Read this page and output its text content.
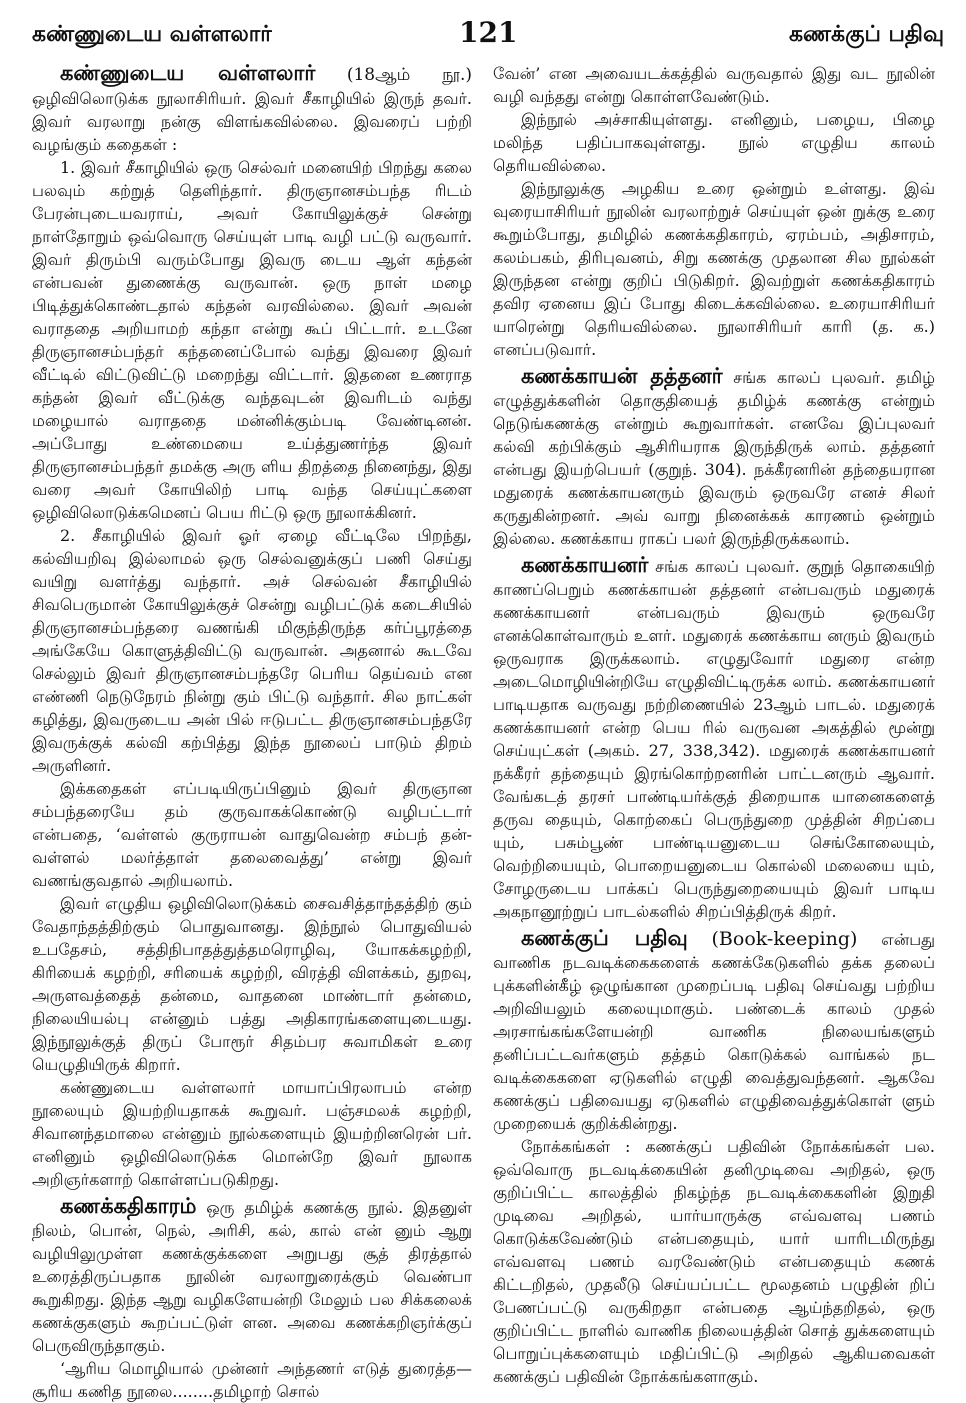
கண்ணுடைய வள்ளலார்	121	கணக்குப் பதிவு

கண்ணுடைய வள்ளலார் (18ஆம் நூ.) ஒழிவிலொடுக்க நூலாசிரியர். இவர் சீகாழியில் இருந் தவர். இவர் வரலாறு நன்கு விளங்கவில்லை. இவரைப் பற்றி வழங்கும் கதைகள் :

1. இவர் சீகாழியில் ஒரு செல்வர் மனையிற் பிறந்து கலை பலவும் கற்றுத் தெளிந்தார். திருஞானசம்பந்த ரிடம் பேரன்புடையவராய், அவர் கோயிலுக்குச் சென்று நாள்தோறும் ஒவ்வொரு செய்யுள் பாடி வழி பட்டு வருவார். இவர் திரும்பி வரும்போது இவரு டைய ஆள் கந்தன் என்பவன் துணைக்கு வருவான். ஒரு நாள் மழை பிடித்துக்கொண்டதால் கந்தன் வரவில்லை. இவர் அவன் வராததை அறியாமற் கந்தா என்று கூப் பிட்டார். உடனே திருஞானசம்பந்தர் கந்தனைப்போல் வந்து இவரை இவர் வீட்டில் விட்டுவிட்டு மறைந்து விட்டார். இதனை உணராத கந்தன் இவர் வீட்டுக்கு வந்தவுடன் இவரிடம் வந்து மழையால் வராததை மன்னிக்கும்படி வேண்டினன். அப்போது உண்மையை உய்த்துணர்ந்த இவர் திருஞானசம்பந்தர் தமக்கு அரு ளிய திறத்தை நினைந்து, இது வரை அவர் கோயிலிற் பாடி வந்த செய்யுட்களை ஒழிவிலொடுக்கமெனப் பெய ரிட்டு ஒரு நூலாக்கினர்.

2. சீகாழியில் இவர் ஓர் ஏழை வீட்டிலே பிறந்து, கல்வியறிவு இல்லாமல் ஒரு செல்வனுக்குப் பணி செய்து வயிறு வளர்த்து வந்தார். அச் செல்வன் சீகாழியில் சிவபெருமான் கோயிலுக்குச் சென்று வழிபட்டுக் கடைசியில் திருஞானசம்பந்தரை வணங்கி மிகுந்திருந்த கர்ப்பூரத்தை அங்கேயே கொளுத்திவிட்டு வருவான். அதனால் கூடவே செல்லும் இவர் திருஞானசம்பந்தரே பெரிய தெய்வம் என எண்ணி நெடுநேரம் நின்று கும் பிட்டு வந்தார். சில நாட்கள் கழித்து, இவருடைய அன் பில் ஈடுபட்ட திருஞானசம்பந்தரே இவருக்குக் கல்வி கற்பித்து இந்த நூலைப் பாடும் திறம் அருளினர்.

இக்கதைகள் எப்படியிருப்பினும் இவர் திருஞான சம்பந்தரையே தம் குருவாகக்கொண்டு வழிபட்டார் என்பதை, ‘வள்ளல் குருராயன் வாதுவென்ற சம்பந் தன்-வள்ளல் மலர்த்தாள் தலைவைத்து’ என்று இவர் வணங்குவதால் அறியலாம்.

இவர் எழுதிய ஒழிவிலொடுக்கம் சைவசித்தாந்தத்திற் கும் வேதாந்தத்திற்கும் பொதுவானது. இந்நூல் பொதுவியல் உபதேசம், சத்திநிபாதத்துத்தமரொழிவு, யோகக்கழற்றி, கிரியைக் கழற்றி, சரியைக் கழற்றி, விரத்தி விளக்கம், துறவு, அருளவத்தைத் தன்மை, வாதனை மாண்டார் தன்மை, நிலையியல்பு என்னும் பத்து அதிகாரங்களையுடையது. இந்நூலுக்குத் திருப் போரூர் சிதம்பர சுவாமிகள் உரை யெழுதியிருக் கிறார்.

கண்ணுடைய வள்ளலார் மாயாப்பிரலாபம் என்ற நூலையும் இயற்றியதாகக் கூறுவர். பஞ்சமலக் கழற்றி, சிவானந்தமாலை என்னும் நூல்களையும் இயற்றினரென் பர். எனினும் ஒழிவிலொடுக்க மொன்றே இவர் நூலாக அறிஞர்களாற் கொள்ளப்படுகிறது.

கணக்கதிகாரம் ஒரு தமிழ்க் கணக்கு நூல். இதனுள் நிலம், பொன், நெல், அரிசி, கல், கால் என் னும் ஆறு வழியிலுமுள்ள கணக்குக்களை அறுபது சூத் திரத்தால் உரைத்திருப்பதாக நூலின் வரலாறுரைக்கும் வெண்பா கூறுகிறது. இந்த ஆறு வழிகளேயன்றி மேலும் பல சிக்கலைக் கணக்குகளும் கூறப்பட்டுள் ளன. அவை கணக்கறிஞர்க்குப் பெருவிருந்தாகும்.

‘ஆரிய மொழியால் முன்னர் அந்தணர் எடுத் துரைத்த—சூரிய கணித நூலை........தமிழாற் சொல்

வேன்’ என அவையடக்கத்தில் வருவதால் இது வட நூலின் வழி வந்தது என்று கொள்ளவேண்டும்.

இந்நூல் அச்சாகியுள்ளது. எனினும், பழைய, பிழை மலிந்த பதிப்பாகவுள்ளது. நூல் எழுதிய காலம் தெரியவில்லை.

இந்நூலுக்கு அழகிய உரை ஒன்றும் உள்ளது. இவ் வுரையாசிரியர் நூலின் வரலாற்றுச் செய்யுள் ஒன் றுக்கு உரை கூறும்போது, தமிழில் கணக்கதிகாரம், ஏரம்பம், அதிசாரம், கலம்பகம், திரிபுவனம், சிறு கணக்கு முதலான சில நூல்கள் இருந்தன என்று குறிப் பிடுகிறர். இவற்றுள் கணக்கதிகாரம் தவிர ஏனைய இப் போது கிடைக்கவில்லை. உரையாசிரியர் யாரென்று தெரியவில்லை. நூலாசிரியர் காரி (த. க.) எனப்படுவார்.

கணக்காயன் தத்தனர் சங்க காலப் புலவர். தமிழ் எழுத்துக்களின் தொகுதியைத் தமிழ்க் கணக்கு என்றும் நெடுங்கணக்கு என்றும் கூறுவார்கள். எனவே இப்புலவர் கல்வி கற்பிக்கும் ஆசிரியராக இருந்திருக் லாம். தத்தனர் என்பது இயற்பெயர் (குறுந். 304). நக்கீரனரின் தந்தையரான மதுரைக் கணக்காயனரும் இவரும் ஒருவரே எனச் சிலர் கருதுகின்றனர். அவ் வாறு நினைக்கக் காரணம் ஒன்றும் இல்லை. கணக்காய ராகப் பலர் இருந்திருக்கலாம்.

கணக்காயனர் சங்க காலப் புலவர். குறுந் தொகையிற் காணப்பெறும் கணக்காயன் தத்தனர் என்பவரும் மதுரைக் கணக்காயனர் என்பவரும் இவரும் ஒருவரே எனக்கொள்வாரும் உளர். மதுரைக் கணக்காய னரும் இவரும் ஒருவராக இருக்கலாம். எழுதுவோர் மதுரை என்ற அடைமொழியின்றியே எழுதிவிட்டிருக்க லாம். கணக்காயனர் பாடியதாக வருவது நற்றிணையில் 23ஆம் பாடல். மதுரைக் கணக்காயனர் என்ற பெய ரில் வருவன அகத்தில் மூன்று செய்யுட்கள் (அகம். 27, 338,342). மதுரைக் கணக்காயனர் நக்கீரர் தந்தையும் இரங்கொற்றனரின் பாட்டனரும் ஆவார். வேங்கடத் தரசர் பாண்டியர்க்குத் திறையாக யானைகளைத் தருவ தையும், கொற்கைப் பெருந்துறை முத்தின் சிறப்பை யும், பசும்பூண் பாண்டியனுடைய செங்கோலையும், வெற்றியையும், பொறையனுடைய கொல்லி மலையை யும், சோழருடைய பாக்கப் பெருந்துறையையும் இவர் பாடிய அகநானூற்றுப் பாடல்களில் சிறப்பித்திருக் கிறர்.

கணக்குப் பதிவு (Book-keeping) என்பது வாணிக நடவடிக்கைகளைக் கணக்கேடுகளில் தக்க தலைப் புக்களின்கீழ் ஒழுங்கான முறைப்படி பதிவு செய்வது பற்றிய அறிவியலும் கலையுமாகும். பண்டைக் காலம் முதல் அரசாங்கங்களேயன்றி வாணிக நிலையங்களும் தனிப்பட்டவர்களும் தத்தம் கொடுக்கல் வாங்கல் நட வடிக்கைகளை ஏடுகளில் எழுதி வைத்துவந்தனர். ஆகவே கணக்குப் பதிவையது ஏடுகளில் எழுதிவைத்துக்கொள் ளும் முறையைக் குறிக்கின்றது.

நோக்கங்கள் : கணக்குப் பதிவின் நோக்கங்கள் பல. ஒவ்வொரு நடவடிக்கையின் தனிமுடிவை அறிதல், ஒரு குறிப்பிட்ட காலத்தில் நிகழ்ந்த நடவடிக்கைகளின் இறுதி முடிவை அறிதல், யார்யாருக்கு எவ்வளவு பணம் கொடுக்கவேண்டும் என்பதையும், யார் யாரிடமிருந்து எவ்வளவு பணம் வரவேண்டும் என்பதையும் கணக் கிட்டறிதல், முதலீடு செய்யப்பட்ட மூலதனம் பழுதின் றிப் பேணப்பட்டு வருகிறதா என்பதை ஆய்ந்தறிதல், ஒரு குறிப்பிட்ட நாளில் வாணிக நிலையத்தின் சொத் துக்களையும் பொறுப்புக்களையும் மதிப்பிட்டு அறிதல் ஆகியவைகள் கணக்குப் பதிவின் நோக்கங்களாகும்.
